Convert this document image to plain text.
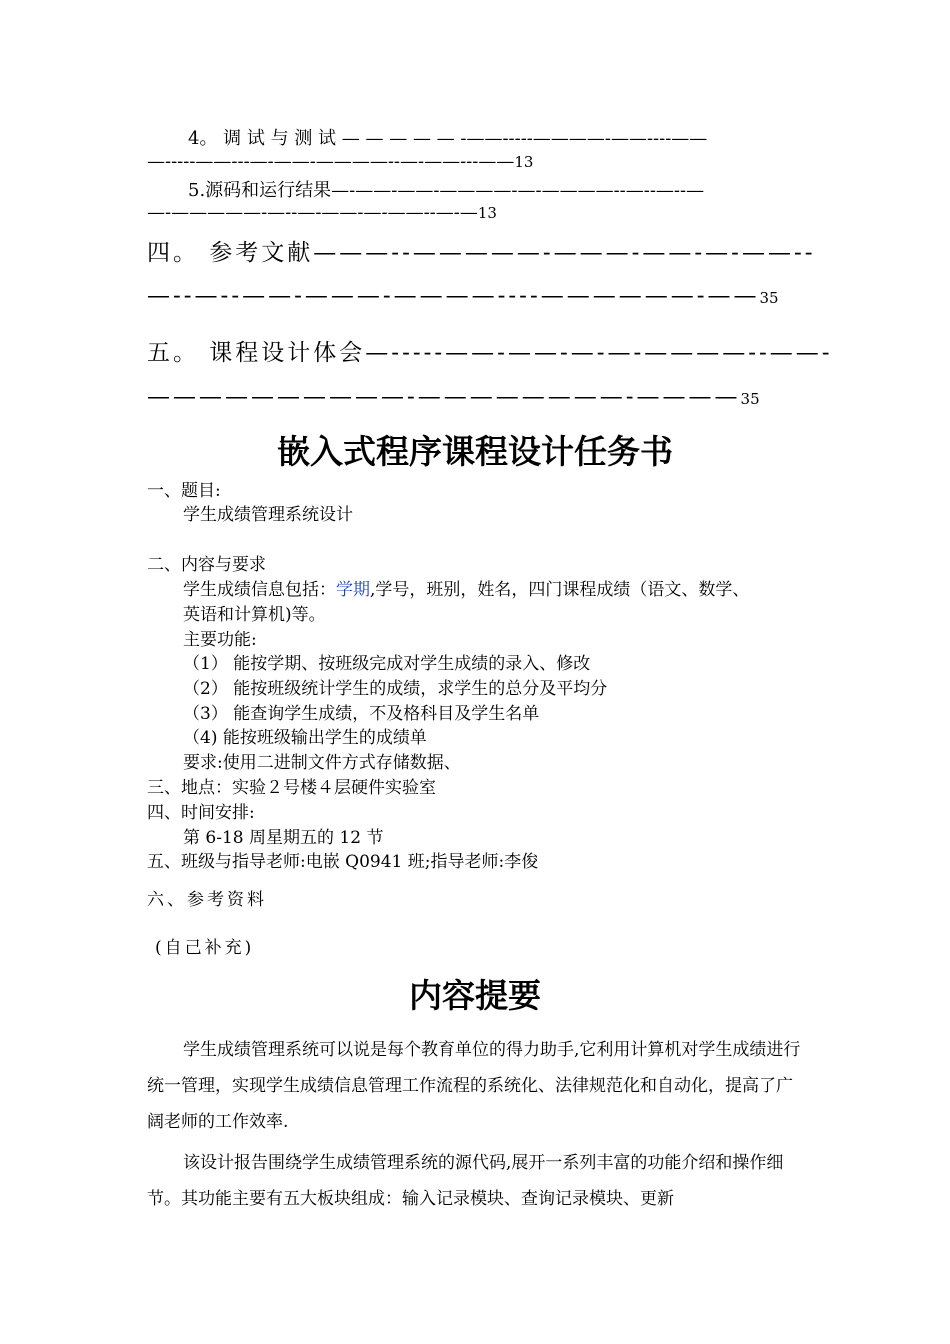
4。 调 试 与 测 试 — — — — — -——-----————-——----——
—-----——---—-——-————--—-——---——13
5.源码和运行结果—-——-——-————-—-————--—--—--—
—-—————-—--—-——-—-——--—-—13
四。 参考文献———--—————-———-——-—-——--
—--—--——-———-————----——————-——35
五。 课程设计体会—-----——-——-—-—-————--——-
——————————-————————-————35
嵌入式程序课程设计任务书
一、题目:
学生成绩管理系统设计
二、内容与要求
学生成绩信息包括：学期,学号，班别，姓名，四门课程成绩（语文、数学、
英语和计算机)等。
主要功能:
（1） 能按学期、按班级完成对学生成绩的录入、修改
（2） 能按班级统计学生的成绩，求学生的总分及平均分
（3） 能查询学生成绩，不及格科目及学生名单
（4) 能按班级输出学生的成绩单
要求:使用二进制文件方式存储数据、
三、地点：实验２号楼４层硬件实验室
四、时间安排:
第 6-18 周星期五的 12 节
五、班级与指导老师:电嵌 Q0941 班;指导老师:李俊
六、参考资料
(自己补充)
内容提要
学生成绩管理系统可以说是每个教育单位的得力助手,它利用计算机对学生成绩进行统一管理，实现学生成绩信息管理工作流程的系统化、法律规范化和自动化，提高了广阔老师的工作效率.
该设计报告围绕学生成绩管理系统的源代码,展开一系列丰富的功能介绍和操作细节。其功能主要有五大板块组成：输入记录模块、查询记录模块、更新
